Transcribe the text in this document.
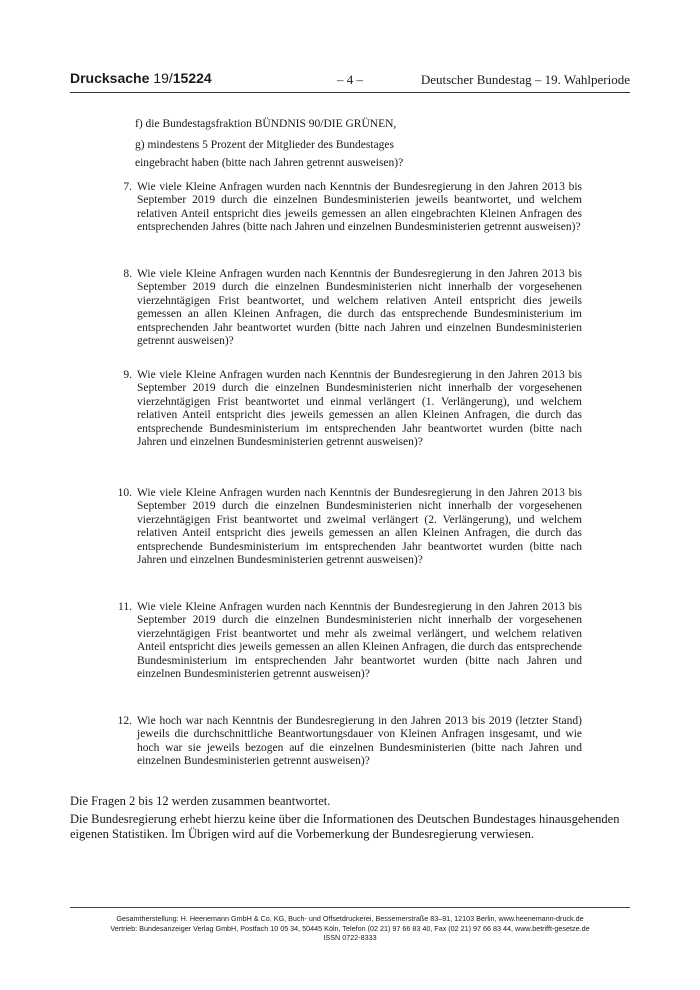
Drucksache 19/15224	– 4 –	Deutscher Bundestag – 19. Wahlperiode
f) die Bundestagsfraktion BÜNDNIS 90/DIE GRÜNEN,
g) mindestens 5 Prozent der Mitglieder des Bundestages
eingebracht haben (bitte nach Jahren getrennt ausweisen)?
7. Wie viele Kleine Anfragen wurden nach Kenntnis der Bundesregierung in den Jahren 2013 bis September 2019 durch die einzelnen Bundesministerien jeweils beantwortet, und welchem relativen Anteil entspricht dies jeweils gemessen an allen eingebrachten Kleinen Anfragen des entsprechenden Jahres (bitte nach Jahren und einzelnen Bundesministerien getrennt ausweisen)?
8. Wie viele Kleine Anfragen wurden nach Kenntnis der Bundesregierung in den Jahren 2013 bis September 2019 durch die einzelnen Bundesministerien nicht innerhalb der vorgesehenen vierzehntägigen Frist beantwortet, und welchem relativen Anteil entspricht dies jeweils gemessen an allen Kleinen Anfragen, die durch das entsprechende Bundesministerium im entsprechenden Jahr beantwortet wurden (bitte nach Jahren und einzelnen Bundesministerien getrennt ausweisen)?
9. Wie viele Kleine Anfragen wurden nach Kenntnis der Bundesregierung in den Jahren 2013 bis September 2019 durch die einzelnen Bundesministerien nicht innerhalb der vorgesehenen vierzehntägigen Frist beantwortet und einmal verlängert (1. Verlängerung), und welchem relativen Anteil entspricht dies jeweils gemessen an allen Kleinen Anfragen, die durch das entsprechende Bundesministerium im entsprechenden Jahr beantwortet wurden (bitte nach Jahren und einzelnen Bundesministerien getrennt ausweisen)?
10. Wie viele Kleine Anfragen wurden nach Kenntnis der Bundesregierung in den Jahren 2013 bis September 2019 durch die einzelnen Bundesministerien nicht innerhalb der vorgesehenen vierzehntägigen Frist beantwortet und zweimal verlängert (2. Verlängerung), und welchem relativen Anteil entspricht dies jeweils gemessen an allen Kleinen Anfragen, die durch das entsprechende Bundesministerium im entsprechenden Jahr beantwortet wurden (bitte nach Jahren und einzelnen Bundesministerien getrennt ausweisen)?
11. Wie viele Kleine Anfragen wurden nach Kenntnis der Bundesregierung in den Jahren 2013 bis September 2019 durch die einzelnen Bundesministerien nicht innerhalb der vorgesehenen vierzehntägigen Frist beantwortet und mehr als zweimal verlängert, und welchem relativen Anteil entspricht dies jeweils gemessen an allen Kleinen Anfragen, die durch das entsprechende Bundesministerium im entsprechenden Jahr beantwortet wurden (bitte nach Jahren und einzelnen Bundesministerien getrennt ausweisen)?
12. Wie hoch war nach Kenntnis der Bundesregierung in den Jahren 2013 bis 2019 (letzter Stand) jeweils die durchschnittliche Beantwortungsdauer von Kleinen Anfragen insgesamt, und wie hoch war sie jeweils bezogen auf die einzelnen Bundesministerien (bitte nach Jahren und einzelnen Bundesministerien getrennt ausweisen)?
Die Fragen 2 bis 12 werden zusammen beantwortet.
Die Bundesregierung erhebt hierzu keine über die Informationen des Deutschen Bundestages hinausgehenden eigenen Statistiken. Im Übrigen wird auf die Vorbemerkung der Bundesregierung verwiesen.
Gesamtherstellung: H. Heenemann GmbH & Co. KG, Buch- und Offsetdruckerei, Bessemerstraße 83–91, 12103 Berlin, www.heenemann-druck.de
Vertrieb: Bundesanzeiger Verlag GmbH, Postfach 10 05 34, 50445 Köln, Telefon (02 21) 97 66 83 40, Fax (02 21) 97 66 83 44, www.betrifft-gesetze.de
ISSN 0722-8333
